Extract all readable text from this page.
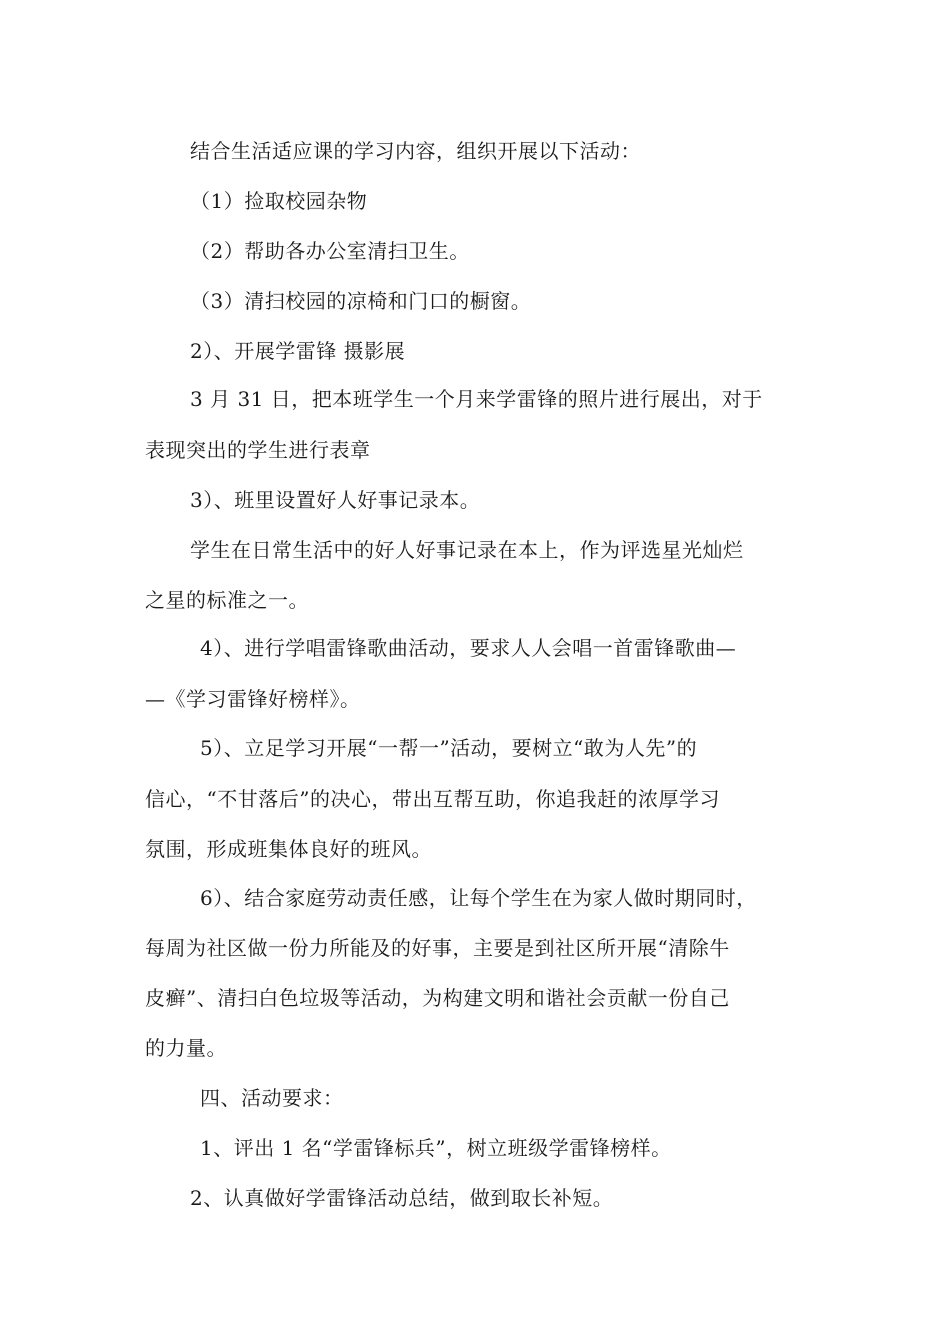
结合生活适应课的学习内容，组织开展以下活动：
（1）捡取校园杂物
（2）帮助各办公室清扫卫生。
（3）清扫校园的凉椅和门口的橱窗。
2）、开展学雷锋 摄影展
3 月 31 日，把本班学生一个月来学雷锋的照片进行展出，对于
表现突出的学生进行表章
3）、班里设置好人好事记录本。
学生在日常生活中的好人好事记录在本上，作为评选星光灿烂
之星的标准之一。
4）、进行学唱雷锋歌曲活动，要求人人会唱一首雷锋歌曲—
—《学习雷锋好榜样》。
5）、立足学习开展“一帮一”活动，要树立“敢为人先”的
信心，“不甘落后”的决心，带出互帮互助，你追我赶的浓厚学习
氛围，形成班集体良好的班风。
6）、结合家庭劳动责任感，让每个学生在为家人做时期同时，
每周为社区做一份力所能及的好事，主要是到社区所开展“清除牛
皮癣”、清扫白色垃圾等活动，为构建文明和谐社会贡献一份自己
的力量。
四、活动要求：
1、评出 1 名“学雷锋标兵”，树立班级学雷锋榜样。
2、认真做好学雷锋活动总结，做到取长补短。
